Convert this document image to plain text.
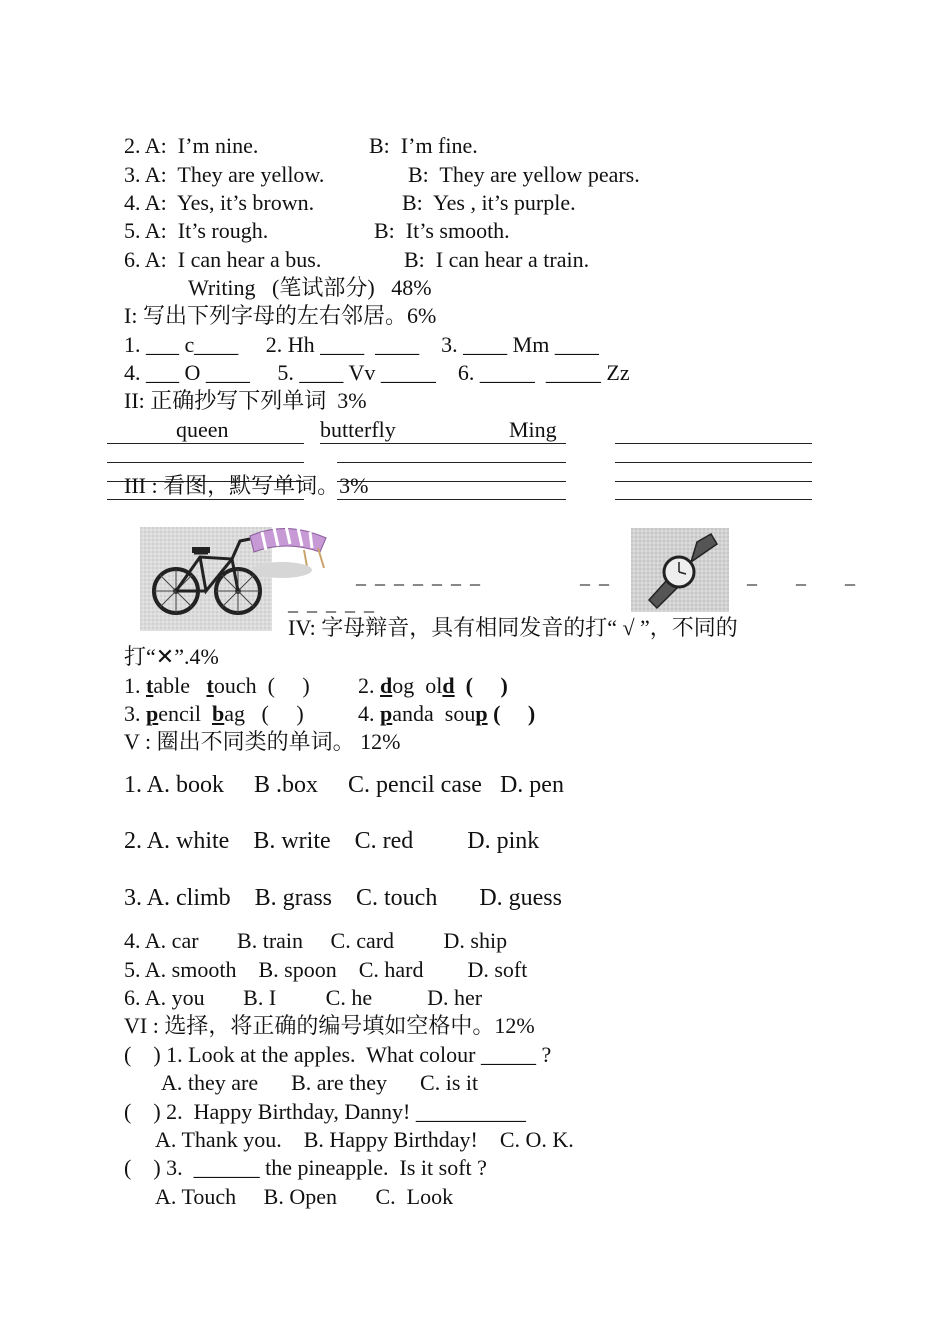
2. A:  I’m nine.	B:  I’m fine.
3. A:  They are yellow.	B:  They are yellow pears.
4. A:  Yes, it’s brown.	B:  Yes , it’s purple.
5. A:  It’s rough.	B:  It’s smooth.
6. A:  I can hear a bus.	B:  I can hear a train.
Writing   (笔试部分)   48%
I: 写出下列字母的左右邻居。6%
1. ___ c____     2. Hh ____  ____    3. ____ Mm ____
4. ___ O ____     5. ____ Vv _____    6. _____  _____ Zz
II: 正确抄写下列单词  3%
queen	butterfly	Ming
III : 看图，默写单词。3%
_ _ _ _ _ _ _	_ _	_   _   _
_ _ _ _ _
IV: 字母辩音，具有相同发音的打“ √ ”，不同的
打“✕”.4%
1. table touch (     ) 2. dog old (     )
3. pencil bag (     ) 4. panda soup (     )
V : 圈出不同类的单词。 12%
1. A. book     B .box     C. pencil case   D. pen
2. A. white    B. write    C. red         D. pink
3. A. climb    B. grass    C. touch       D. guess
4. A. car       B. train     C. card         D. ship
5. A. smooth    B. spoon    C. hard        D. soft
6. A. you       B. I         C. he          D. her
VI : 选择，将正确的编号填如空格中。12%
(    ) 1. Look at the apples.  What colour _____ ?
A. they are      B. are they      C. is it
(    ) 2.  Happy Birthday, Danny! __________
A. Thank you.    B. Happy Birthday!    C. O. K.
(    ) 3.  ______ the pineapple.  Is it soft ?
A. Touch     B. Open       C.  Look
